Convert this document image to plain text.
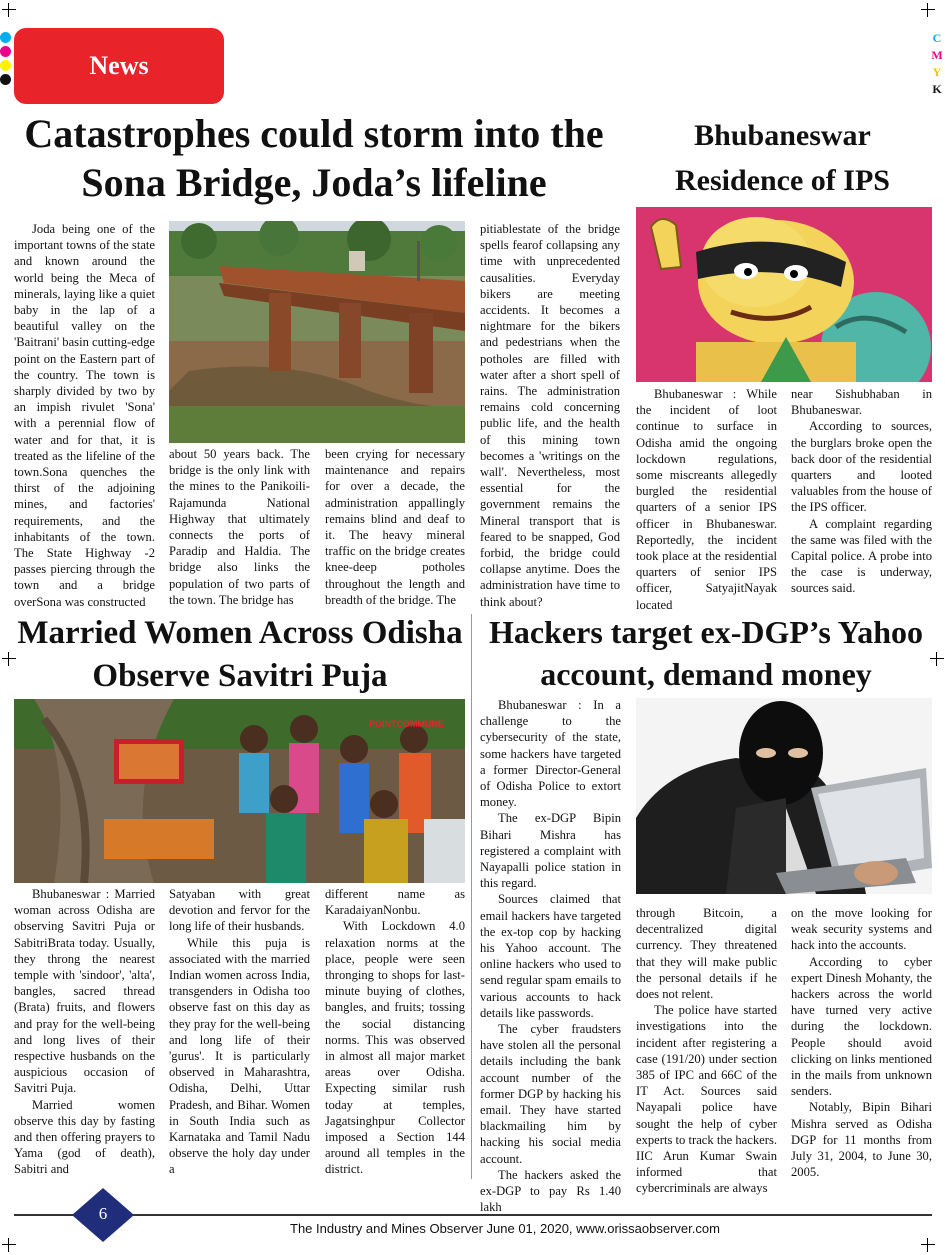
C
M
Y
K
News
Catastrophes could storm into the Sona Bridge, Joda’s lifeline

Joda being one of the important towns of the state and known around the world being the Meca of minerals, laying like a quiet baby in the lap of a beautiful valley on the 'Baitrani' basin cutting-edge point on the Eastern part of the country. The town is sharply divided by two by an impish rivulet 'Sona' with a perennial flow of water and for that, it is treated as the lifeline of the town.Sona quenches the thirst of the adjoining mines, and factories' requirements, and the inhabitants of the town. The State Highway -2 passes piercing through the town and a bridge overSona was constructed

about 50 years back. The bridge is the only link with the mines to the Panikoili-Rajamunda National Highway that ultimately connects the ports of Paradip and Haldia. The bridge also links the population of two parts of the town. The bridge has

been crying for necessary maintenance and repairs for over a decade, the administration appallingly remains blind and deaf to it. The heavy mineral traffic on the bridge creates knee-deep potholes throughout the length and breadth of the bridge. The

pitiablestate of the bridge spells fearof collapsing any time with unprecedented causalities. Everyday bikers are meeting accidents. It becomes a nightmare for the bikers and pedestrians when the potholes are filled with water after a short spell of rains. The administration remains cold concerning public life, and the health of this mining town becomes a 'writings on the wall'. Nevertheless, most essential for the government remains the Mineral transport that is feared to be snapped, God forbid, the bridge could collapse anytime. Does the administration have time to think about?

Bhubaneswar Residence of IPS

Bhubaneswar : While the incident of loot continue to surface in Odisha amid the ongoing lockdown regulations, some miscreants allegedly burgled the residential quarters of a senior IPS officer in Bhubaneswar. Reportedly, the incident took place at the residential quarters of senior IPS officer, SatyajitNayak located

near Sishubhaban in Bhubaneswar.

According to sources, the burglars broke open the back door of the residential quarters and looted valuables from the house of the IPS officer.

A complaint regarding the same was filed with the Capital police. A probe into the case is underway, sources said.

Married Women Across Odisha Observe Savitri Puja
POINTCOMMUNE

Bhubaneswar : Married woman across Odisha are observing Savitri Puja or SabitriBrata today. Usually, they throng the nearest temple with 'sindoor', 'alta', bangles, sacred thread (Brata) fruits, and flowers and pray for the well-being and long lives of their respective husbands on the auspicious occasion of Savitri Puja.

Married women observe this day by fasting and then offering prayers to Yama (god of death), Sabitri and

Satyaban with great devotion and fervor for the long life of their husbands.

While this puja is associated with the married Indian women across India, transgenders in Odisha too observe fast on this day as they pray for the well-being and long life of their 'gurus'. It is particularly observed in Maharashtra, Odisha, Delhi, Uttar Pradesh, and Bihar. Women in South India such as Karnataka and Tamil Nadu observe the holy day under a

different name as KaradaiyanNonbu.

With Lockdown 4.0 relaxation norms at the place, people were seen thronging to shops for last-minute buying of clothes, bangles, and fruits; tossing the social distancing norms. This was observed in almost all major market areas over Odisha. Expecting similar rush today at temples, Jagatsinghpur Collector imposed a Section 144 around all temples in the district.

Hackers target ex-DGP’s Yahoo account, demand money

Bhubaneswar : In a challenge to the cybersecurity of the state, some hackers have targeted a former Director-General of Odisha Police to extort money.

The ex-DGP Bipin Bihari Mishra has registered a complaint with Nayapalli police station in this regard.

Sources claimed that email hackers have targeted the ex-top cop by hacking his Yahoo account. The online hackers who used to send regular spam emails to various accounts to hack details like passwords.

The cyber fraudsters have stolen all the personal details including the bank account number of the former DGP by hacking his email. They have started blackmailing him by hacking his social media account.

The hackers asked the ex-DGP to pay Rs 1.40 lakh

through Bitcoin, a decentralized digital currency. They threatened that they will make public the personal details if he does not relent.

The police have started investigations into the incident after registering a case (191/20) under section 385 of IPC and 66C of the IT Act. Sources said Nayapali police have sought the help of cyber experts to track the hackers. IIC Arun Kumar Swain informed that cybercriminals are always

on the move looking for weak security systems and hack into the accounts.

According to cyber expert Dinesh Mohanty, the hackers across the world have turned very active during the lockdown. People should avoid clicking on links mentioned in the mails from unknown senders.

Notably, Bipin Bihari Mishra served as Odisha DGP for 11 months from July 31, 2004, to June 30, 2005.

6
The Industry and Mines Observer June 01, 2020, www.orissaobserver.com
